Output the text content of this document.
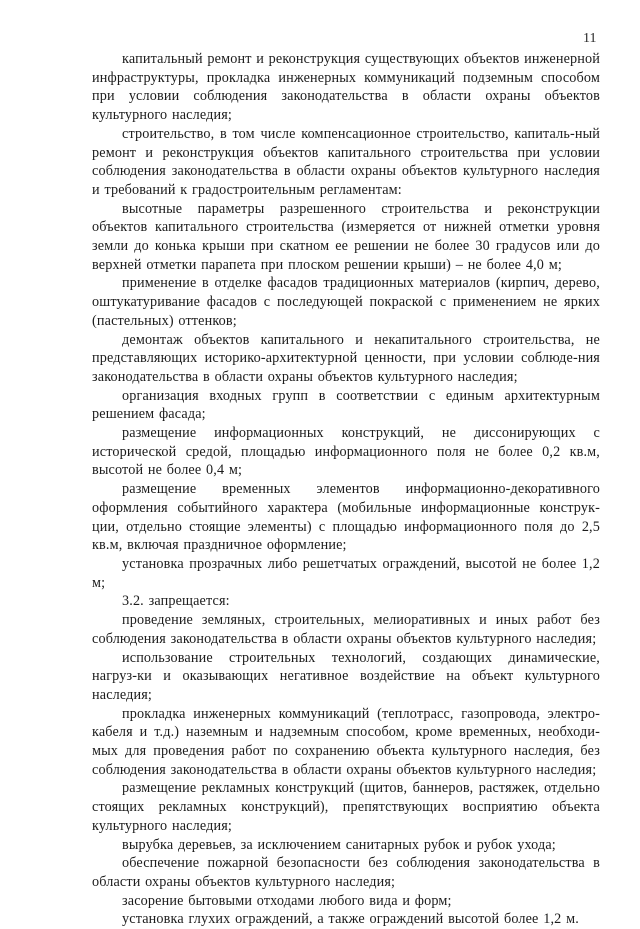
11

капитальный ремонт и реконструкция существующих объектов инженерной инфраструктуры, прокладка инженерных коммуникаций подземным способом при условии соблюдения законодательства в области охраны объектов культурного наследия;

строительство, в том числе компенсационное строительство, капиталь-ный ремонт и реконструкция объектов капитального строительства при условии соблюдения законодательства в области охраны объектов культурного наследия и требований к градостроительным регламентам:

высотные параметры разрешенного строительства и реконструкции объектов капитального строительства (измеряется от нижней отметки уровня земли до конька крыши при скатном ее решении не более 30 градусов или до верхней отметки парапета при плоском решении крыши) – не более 4,0 м;

применение в отделке фасадов традиционных материалов (кирпич, дерево, оштукатуривание фасадов с последующей покраской с применением не ярких (пастельных) оттенков;

демонтаж объектов капитального и некапитального строительства, не представляющих историко-архитектурной ценности, при условии соблюде-ния законодательства в области охраны объектов культурного наследия;

организация входных групп в соответствии с единым архитектурным решением фасада;

размещение информационных конструкций, не диссонирующих с исторической средой, площадью информационного поля не более 0,2 кв.м, высотой не более 0,4 м;

размещение временных элементов информационно-декоративного оформления событийного характера (мобильные информационные конструк-ции, отдельно стоящие элементы) с площадью информационного поля до 2,5 кв.м, включая праздничное оформление;

установка прозрачных либо решетчатых ограждений, высотой не более 1,2 м;

3.2. запрещается:

проведение земляных, строительных, мелиоративных и иных работ без соблюдения законодательства в области охраны объектов культурного наследия;

использование строительных технологий, создающих динамические, нагруз-ки и оказывающих негативное воздействие на объект культурного наследия;

прокладка инженерных коммуникаций (теплотрасс, газопровода, электро-кабеля и т.д.) наземным и надземным способом, кроме временных, необходи-мых для проведения работ по сохранению объекта культурного наследия, без соблюдения законодательства в области охраны объектов культурного наследия;

размещение рекламных конструкций (щитов, баннеров, растяжек, отдельно стоящих рекламных конструкций), препятствующих восприятию объекта культурного наследия;

вырубка деревьев, за исключением санитарных рубок и рубок ухода;

обеспечение пожарной безопасности без соблюдения законодательства в области охраны объектов культурного наследия;

засорение бытовыми отходами любого вида и форм;

установка глухих ограждений, а также ограждений высотой более 1,2 м.
